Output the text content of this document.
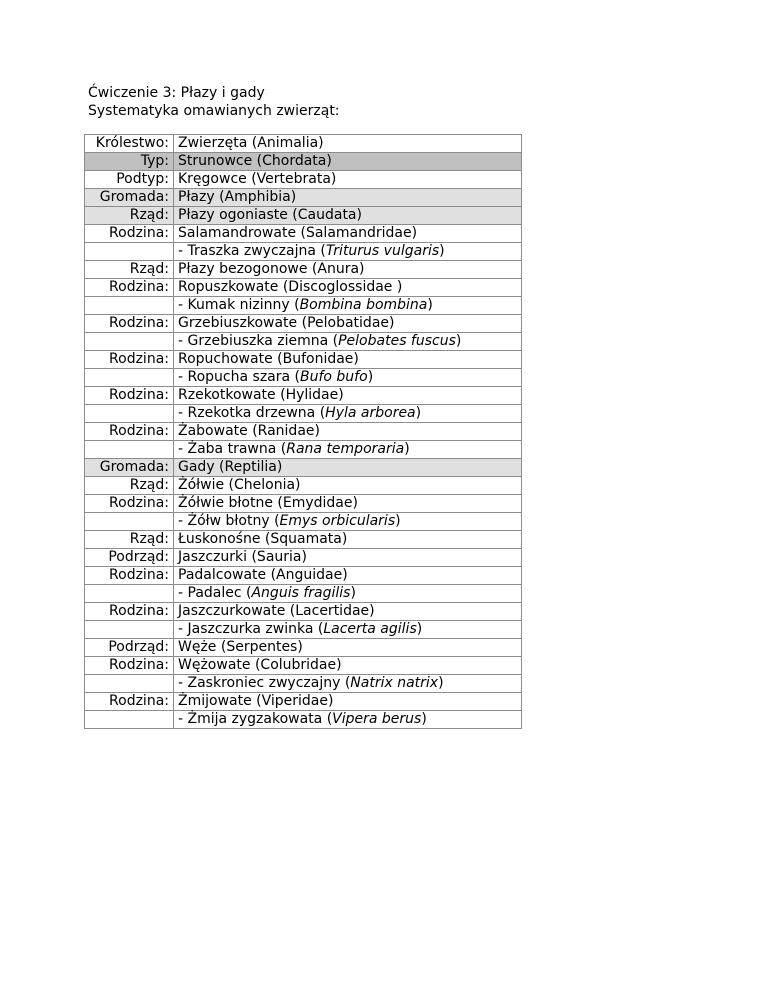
Ćwiczenie 3: Płazy i gady
Systematyka omawianych zwierząt:
Królestwo:	Zwierzęta (Animalia)
Typ:	Strunowce (Chordata)
Podtyp:	Kręgowce (Vertebrata)
Gromada:	Płazy (Amphibia)
Rząd:	Płazy ogoniaste (Caudata)
Rodzina:	Salamandrowate (Salamandridae)
	- Traszka zwyczajna (Triturus vulgaris)
Rząd:	Płazy bezogonowe (Anura)
Rodzina:	Ropuszkowate (Discoglossidae )
	- Kumak nizinny (Bombina bombina)
Rodzina:	Grzebiuszkowate (Pelobatidae)
	- Grzebiuszka ziemna (Pelobates fuscus)
Rodzina:	Ropuchowate (Bufonidae)
	- Ropucha szara (Bufo bufo)
Rodzina:	Rzekotkowate (Hylidae)
	- Rzekotka drzewna (Hyla arborea)
Rodzina:	Żabowate (Ranidae)
	- Żaba trawna (Rana temporaria)
Gromada:	Gady (Reptilia)
Rząd:	Żółwie (Chelonia)
Rodzina:	Żółwie błotne (Emydidae)
	- Żółw błotny (Emys orbicularis)
Rząd:	Łuskonośne (Squamata)
Podrząd:	Jaszczurki (Sauria)
Rodzina:	Padalcowate (Anguidae)
	- Padalec (Anguis fragilis)
Rodzina:	Jaszczurkowate (Lacertidae)
	- Jaszczurka zwinka (Lacerta agilis)
Podrząd:	Węże (Serpentes)
Rodzina:	Wężowate (Colubridae)
	- Zaskroniec zwyczajny (Natrix natrix)
Rodzina:	Żmijowate (Viperidae)
	- Żmija zygzakowata (Vipera berus)
